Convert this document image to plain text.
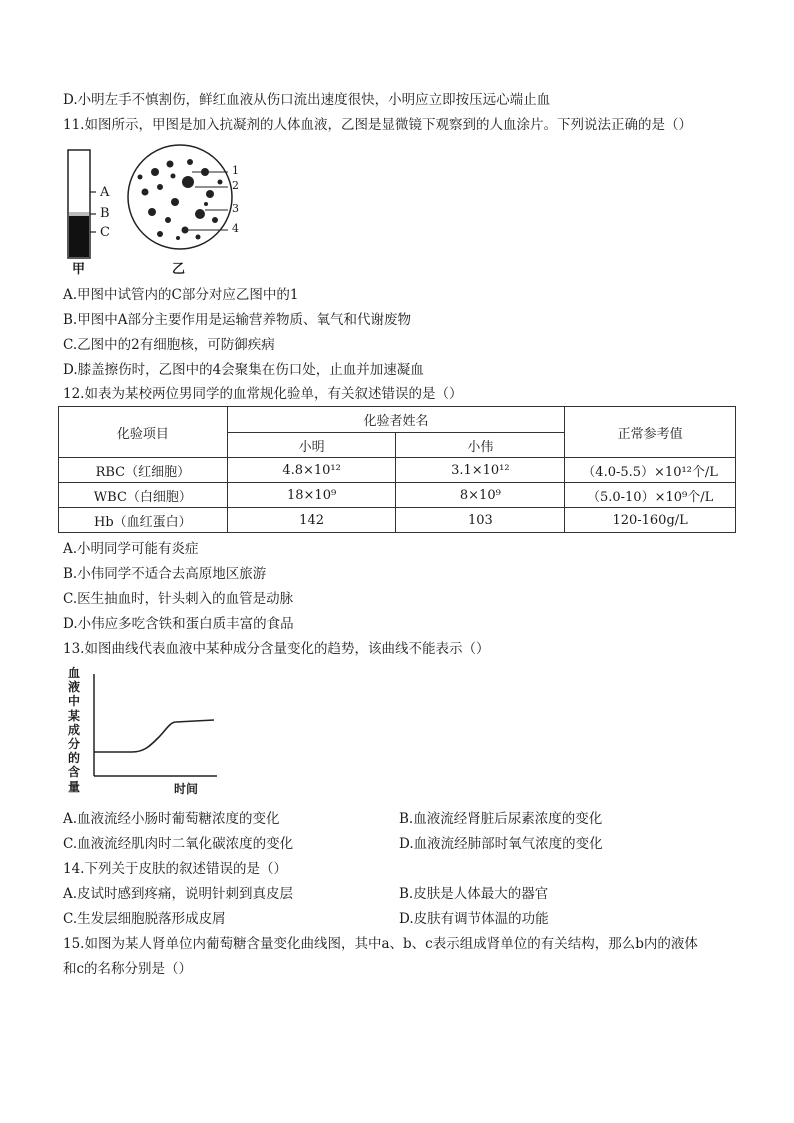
D.小明左手不慎割伤，鲜红血液从伤口流出速度很快，小明应立即按压远心端止血
11.如图所示，甲图是加入抗凝剂的人体血液，乙图是显微镜下观察到的人血涂片。下列说法正确的是（）
A
B
C
甲
1
2
3
4
乙
A.甲图中试管内的C部分对应乙图中的1
B.甲图中A部分主要作用是运输营养物质、氧气和代谢废物
C.乙图中的2有细胞核，可防御疾病
D.膝盖擦伤时，乙图中的4会聚集在伤口处，止血并加速凝血
12.如表为某校两位男同学的血常规化验单，有关叙述错误的是（）
化验项目	化验者姓名		正常参考值
	小明	小伟	
RBC（红细胞）	4.8×10¹²	3.1×10¹²	（4.0-5.5）×10¹²个/L
WBC（白细胞）	18×10⁹	8×10⁹	（5.0-10）×10⁹个/L
Hb（血红蛋白）	142	103	120-160g/L
A.小明同学可能有炎症
B.小伟同学不适合去高原地区旅游
C.医生抽血时，针头刺入的血管是动脉
D.小伟应多吃含铁和蛋白质丰富的食品
13.如图曲线代表血液中某种成分含量变化的趋势，该曲线不能表示（）
血
液
中
某
成
分
的
含
量	时间
A.血液流经小肠时葡萄糖浓度的变化	B.血液流经肾脏后尿素浓度的变化
C.血液流经肌肉时二氧化碳浓度的变化	D.血液流经肺部时氧气浓度的变化
14.下列关于皮肤的叙述错误的是（）
A.皮试时感到疼痛，说明针刺到真皮层	B.皮肤是人体最大的器官
C.生发层细胞脱落形成皮屑	D.皮肤有调节体温的功能
15.如图为某人肾单位内葡萄糖含量变化曲线图，其中a、b、c表示组成肾单位的有关结构，那么b内的液体
和c的名称分别是（）
